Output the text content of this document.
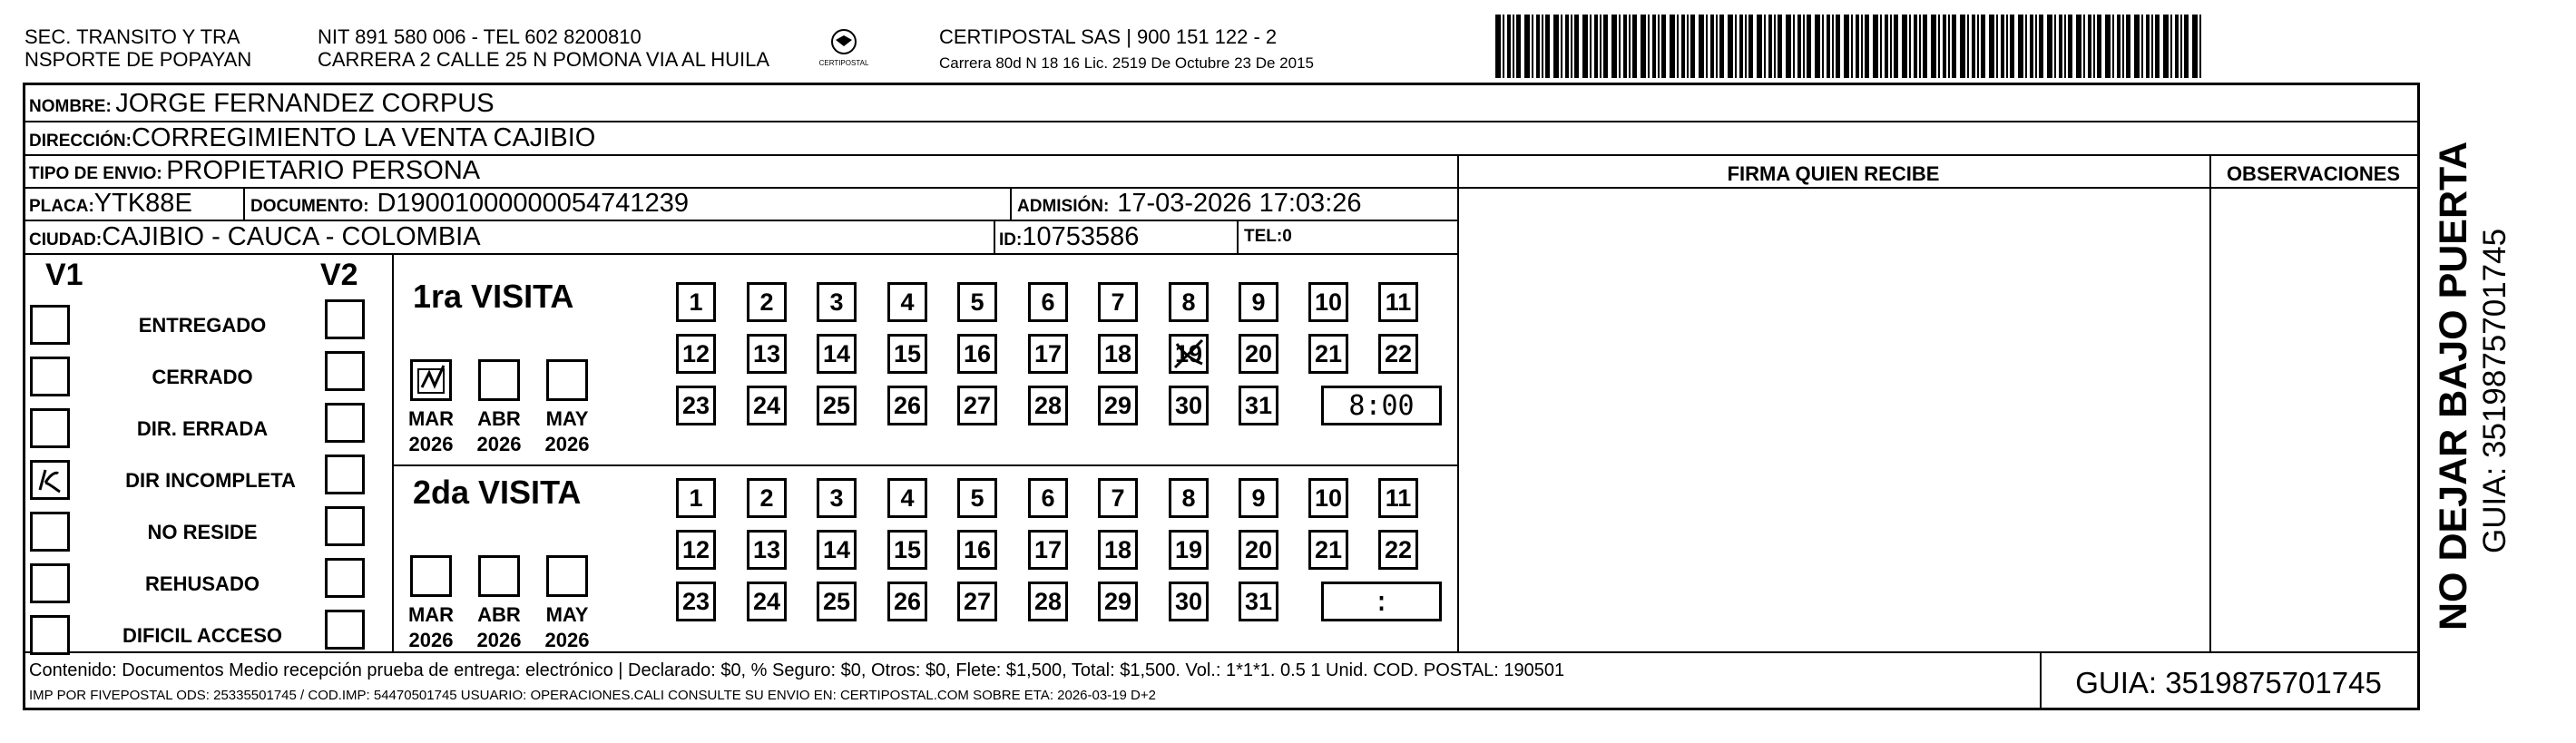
SEC. TRANSITO Y TRA
NSPORTE DE POPAYAN
NIT 891 580 006 - TEL 602 8200810
CARRERA 2 CALLE 25 N POMONA VIA AL HUILA	CERTIPOSTAL
CERTIPOSTAL SAS | 900 151 122 - 2
Carrera 80d N 18 16 Lic. 2519 De Octubre 23 De 2015
NOMBRE: JORGE FERNANDEZ CORPUS
DIRECCIÓN:CORREGIMIENTO LA VENTA CAJIBIO
TIPO DE ENVIO: PROPIETARIO PERSONA	FIRMA QUIEN RECIBE	OBSERVACIONES
PLACA:YTK88E	DOCUMENTO: D19001000000054741239	ADMISIÓN: 17-03-2026 17:03:26
CIUDAD:CAJIBIO - CAUCA - COLOMBIA	ID:10753586	TEL:0
V1	V2
ENTREGADO
CERRADO
DIR. ERRADA
DIR INCOMPLETA
NO RESIDE
REHUSADO
DIFICIL ACCESO
1ra VISITA
2da VISITA
MAR
2026
ABR
2026
MAY
2026
1	2	3	4	5	6	7	8	9	10 11
12 13 14 15 16 17 18 19 20 21 22
23 24 25 26 27 28 29 30 31	8:00
MAR
2026
ABR
2026
MAY
2026
1	2	3	4	5	6	7	8	9	10 11
12 13 14 15 16 17 18 19 20 21 22
23 24 25 26 27 28 29 30 31	:
Contenido: Documentos Medio recepción prueba de entrega: electrónico | Declarado: $0, % Seguro: $0, Otros: $0, Flete: $1,500, Total: $1,500. Vol.: 1*1*1. 0.5 1 Unid. COD. POSTAL: 190501
IMP POR FIVEPOSTAL ODS: 25335501745 / COD.IMP: 54470501745 USUARIO: OPERACIONES.CALI CONSULTE SU ENVIO EN: CERTIPOSTAL.COM SOBRE ETA: 2026-03-19 D+2	GUIA: 3519875701745
NO DEJAR BAJO PUERTA GUIA: 3519875701745
